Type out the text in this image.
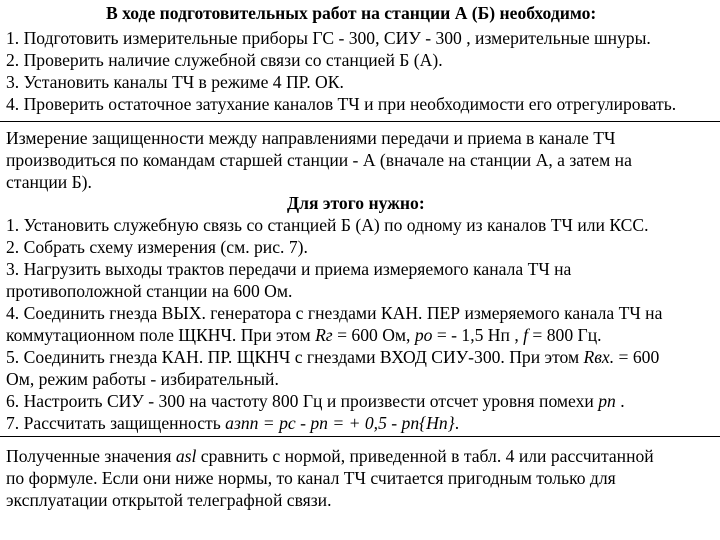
В ходе подготовительных работ на станции А (Б) необходимо:
1. Подготовить измерительные приборы ГС - 300, СИУ - 300 , измерительные шнуры.
2. Проверить наличие служебной связи со станцией Б (А).
3. Установить каналы ТЧ в режиме 4 ПР. ОК.
4. Проверить остаточное затухание каналов ТЧ и при необходимости его отрегулировать.
Измерение защищенности между направлениями передачи и приема в канале ТЧ
производиться по командам старшей станции - А (вначале на станции А, а затем на
станции Б).
Для этого нужно:
1. Установить служебную связь со станцией Б (А) по одному из каналов ТЧ или КСС.
2. Собрать схему измерения (см. рис. 7).
3. Нагрузить выходы трактов передачи и приема измеряемого канала ТЧ на
противоположной станции на 600 Ом.
4. Соединить гнезда ВЫХ. генератора с гнездами КАН. ПЕР измеряемого канала ТЧ на
коммутационном поле ЩКНЧ. При этом Rг = 600 Ом, ро = - 1,5 Нп , f = 800 Гц.
5. Соединить гнезда КАН. ПР. ЩКНЧ с гнездами ВХОД СИУ-300. При этом Rвх. = 600
Ом, режим работы - избирательный.
6. Настроить СИУ - 300 на частоту 800 Гц и произвести отсчет уровня помехи рп .
7. Рассчитать защищенность азпп = рс - рп = + 0,5 - рп{Нп}.
Полученные значения asl сравнить с нормой, приведенной в табл. 4 или рассчитанной
по формуле. Если они ниже нормы, то канал ТЧ считается пригодным только для
эксплуатации открытой телеграфной связи.
